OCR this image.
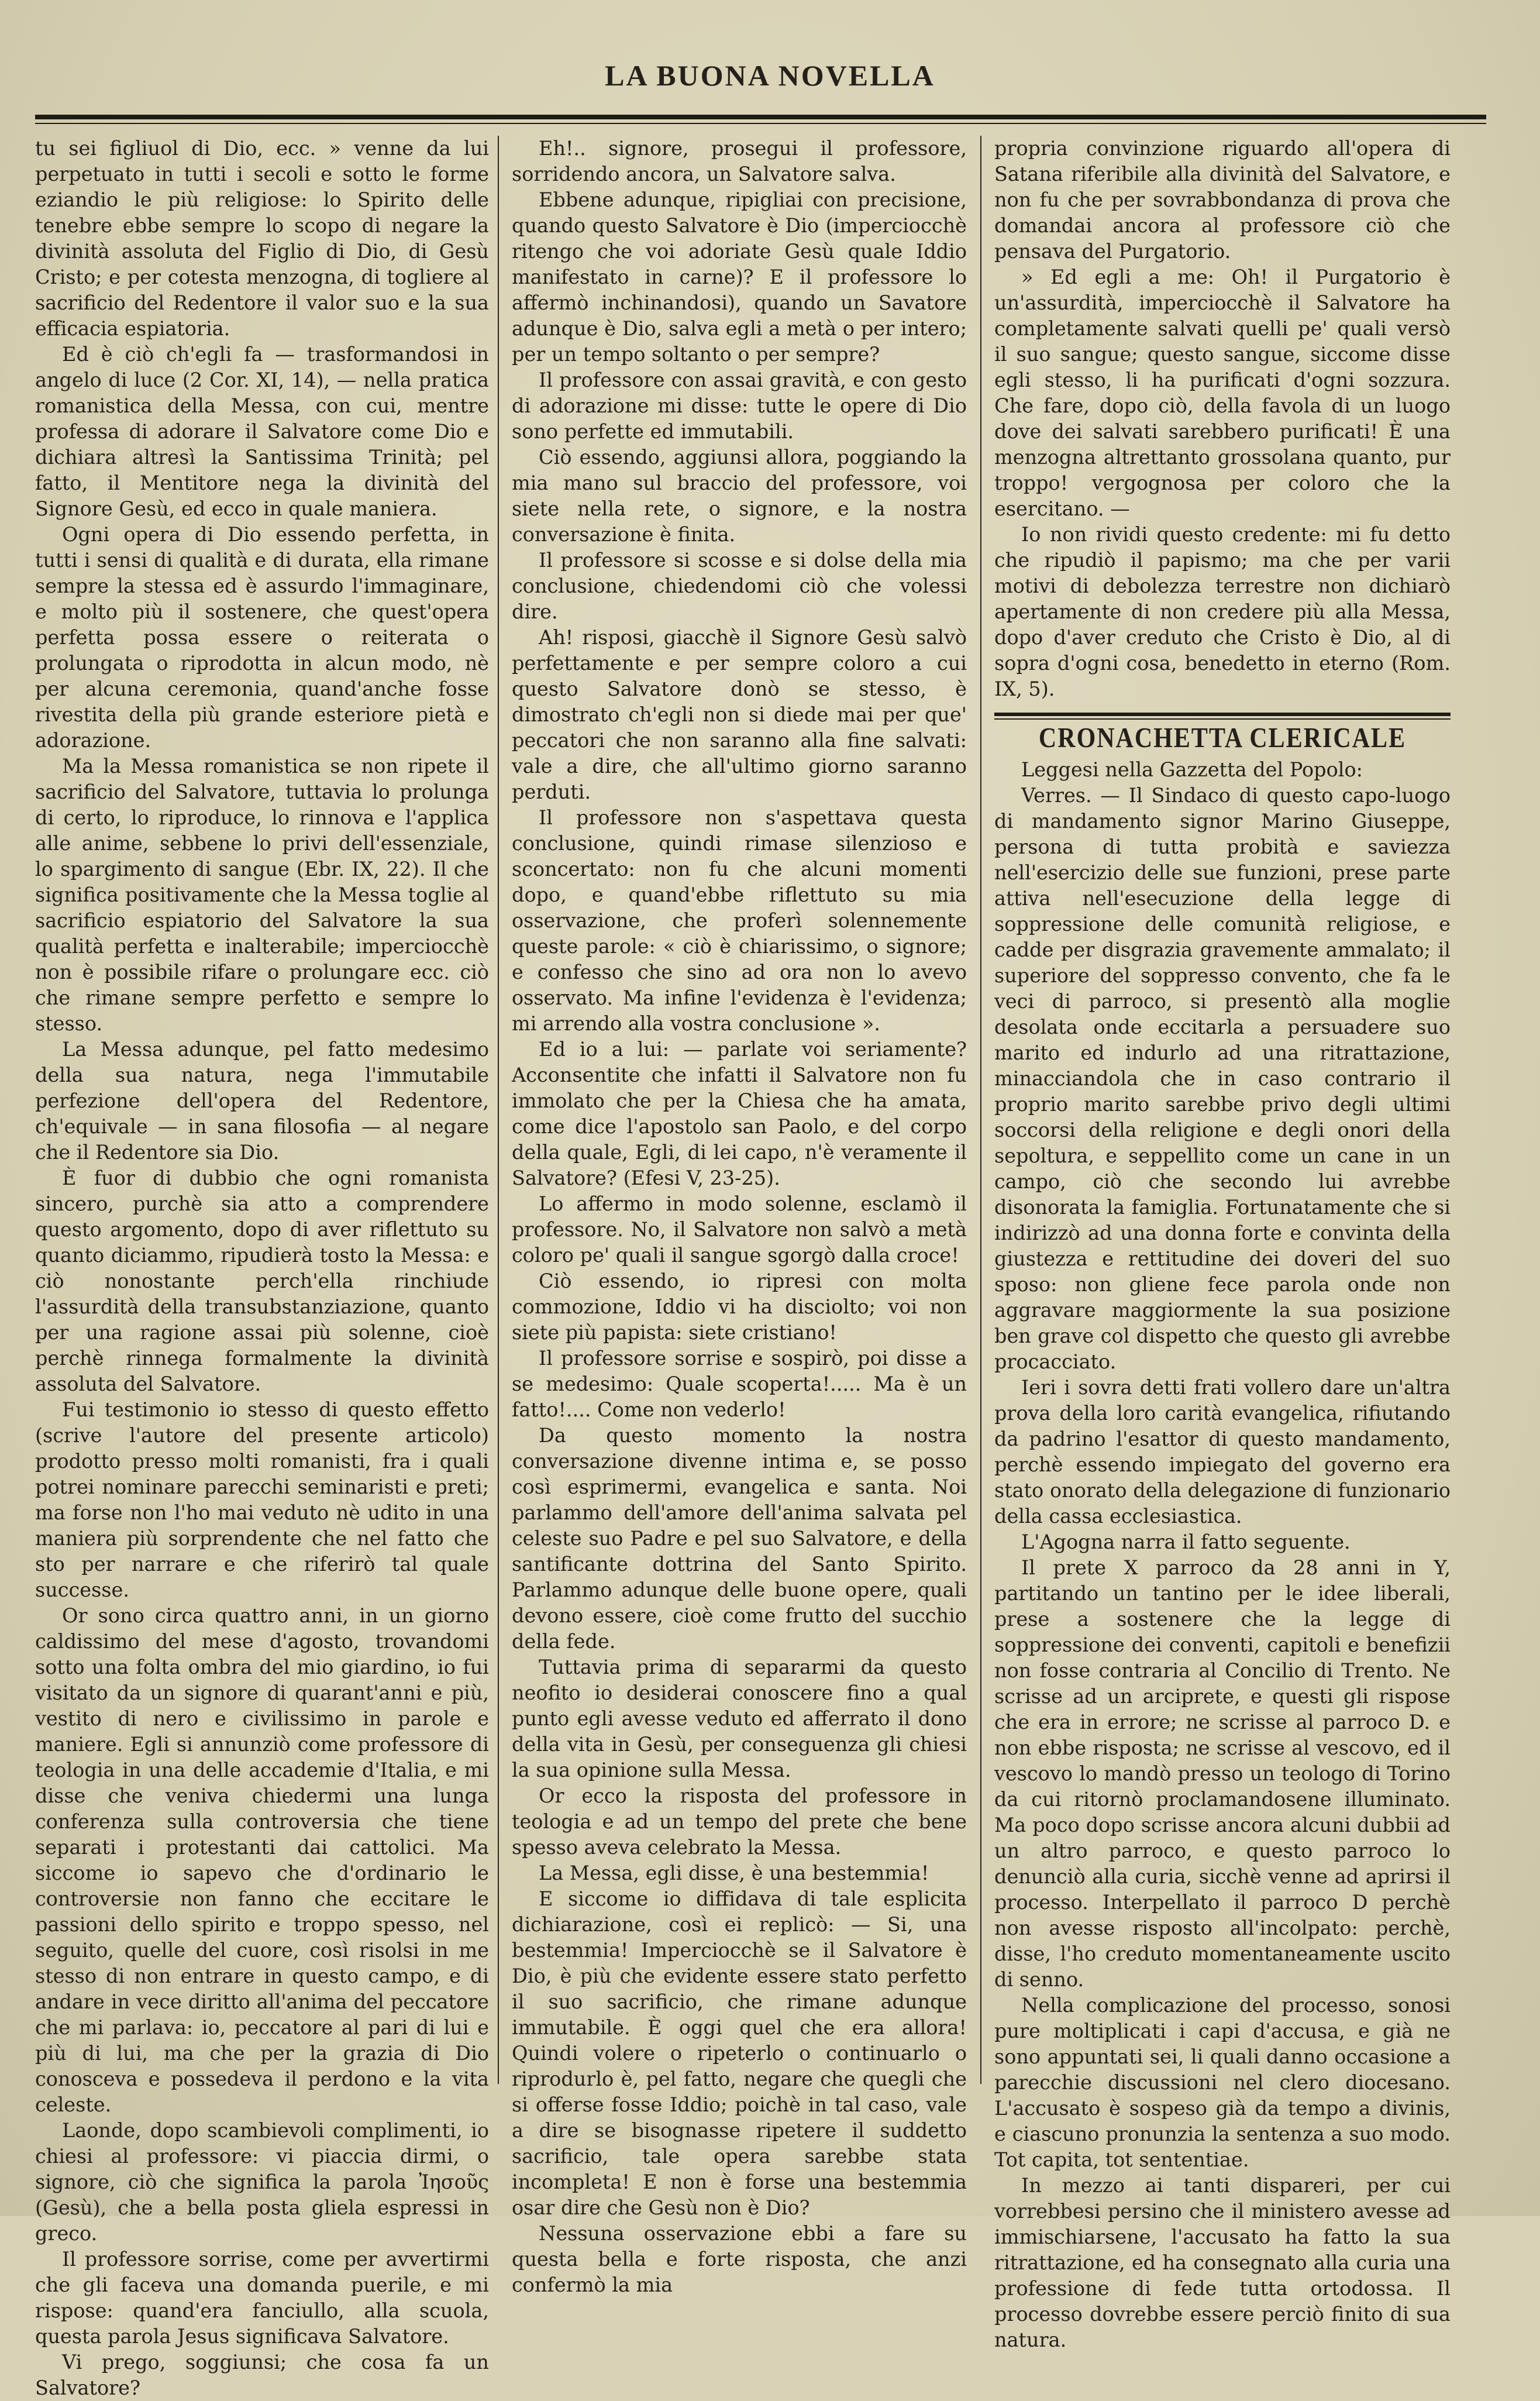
LA BUONA NOVELLA

tu sei figliuol di Dio, ecc. » venne da lui perpetuato in tutti i secoli e sotto le forme eziandio le più religiose: lo Spirito delle tenebre ebbe sempre lo scopo di negare la divinità assoluta del Figlio di Dio, di Gesù Cristo; e per cotesta menzogna, di togliere al sacrificio del Redentore il valor suo e la sua efficacia espiatoria.

Ed è ciò ch'egli fa — trasformandosi in angelo di luce (2 Cor. XI, 14), — nella pratica romanistica della Messa, con cui, mentre professa di adorare il Salvatore come Dio e dichiara altresì la Santissima Trinità; pel fatto, il Mentitore nega la divinità del Signore Gesù, ed ecco in quale maniera.

Ogni opera di Dio essendo perfetta, in tutti i sensi di qualità e di durata, ella rimane sempre la stessa ed è assurdo l'immaginare, e molto più il sostenere, che quest'opera perfetta possa essere o reiterata o prolungata o riprodotta in alcun modo, nè per alcuna ceremonia, quand'anche fosse rivestita della più grande esteriore pietà e adorazione.

Ma la Messa romanistica se non ripete il sacrificio del Salvatore, tuttavia lo prolunga di certo, lo riproduce, lo rinnova e l'applica alle anime, sebbene lo privi dell'essenziale, lo spargimento di sangue (Ebr. IX, 22). Il che significa positivamente che la Messa toglie al sacrificio espiatorio del Salvatore la sua qualità perfetta e inalterabile; imperciocchè non è possibile rifare o prolungare ecc. ciò che rimane sempre perfetto e sempre lo stesso.

La Messa adunque, pel fatto medesimo della sua natura, nega l'immutabile perfezione dell'opera del Redentore, ch'equivale — in sana filosofia — al negare che il Redentore sia Dio.

È fuor di dubbio che ogni romanista sincero, purchè sia atto a comprendere questo argomento, dopo di aver riflettuto su quanto diciammo, ripudierà tosto la Messa: e ciò nonostante perch'ella rinchiude l'assurdità della transubstanziazione, quanto per una ragione assai più solenne, cioè perchè rinnega formalmente la divinità assoluta del Salvatore.

Fui testimonio io stesso di questo effetto (scrive l'autore del presente articolo) prodotto presso molti romanisti, fra i quali potrei nominare parecchi seminaristi e preti; ma forse non l'ho mai veduto nè udito in una maniera più sorprendente che nel fatto che sto per narrare e che riferirò tal quale successe.

Or sono circa quattro anni, in un giorno caldissimo del mese d'agosto, trovandomi sotto una folta ombra del mio giardino, io fui visitato da un signore di quarant'anni e più, vestito di nero e civilissimo in parole e maniere. Egli si annunziò come professore di teologia in una delle accademie d'Italia, e mi disse che veniva chiedermi una lunga conferenza sulla controversia che tiene separati i protestanti dai cattolici. Ma siccome io sapevo che d'ordinario le controversie non fanno che eccitare le passioni dello spirito e troppo spesso, nel seguito, quelle del cuore, così risolsi in me stesso di non entrare in questo campo, e di andare in vece diritto all'anima del peccatore che mi parlava: io, peccatore al pari di lui e più di lui, ma che per la grazia di Dio conosceva e possedeva il perdono e la vita celeste.

Laonde, dopo scambievoli complimenti, io chiesi al professore: vi piaccia dirmi, o signore, ciò che significa la parola Ἰησοῦς (Gesù), che a bella posta gliela espressi in greco.

Il professore sorrise, come per avvertirmi che gli faceva una domanda puerile, e mi rispose: quand'era fanciullo, alla scuola, questa parola Jesus significava Salvatore.

Vi prego, soggiunsi; che cosa fa un Salvatore?

Eh!.. signore, prosegui il professore, sorridendo ancora, un Salvatore salva.

Ebbene adunque, ripigliai con precisione, quando questo Salvatore è Dio (imperciocchè ritengo che voi adoriate Gesù quale Iddio manifestato in carne)? E il professore lo affermò inchinandosi), quando un Savatore adunque è Dio, salva egli a metà o per intero; per un tempo soltanto o per sempre?

Il professore con assai gravità, e con gesto di adorazione mi disse: tutte le opere di Dio sono perfette ed immutabili.

Ciò essendo, aggiunsi allora, poggiando la mia mano sul braccio del professore, voi siete nella rete, o signore, e la nostra conversazione è finita.

Il professore si scosse e si dolse della mia conclusione, chiedendomi ciò che volessi dire.

Ah! risposi, giacchè il Signore Gesù salvò perfettamente e per sempre coloro a cui questo Salvatore donò se stesso, è dimostrato ch'egli non si diede mai per que' peccatori che non saranno alla fine salvati: vale a dire, che all'ultimo giorno saranno perduti.

Il professore non s'aspettava questa conclusione, quindi rimase silenzioso e sconcertato: non fu che alcuni momenti dopo, e quand'ebbe riflettuto su mia osservazione, che proferì solennemente queste parole: « ciò è chiarissimo, o signore; e confesso che sino ad ora non lo avevo osservato. Ma infine l'evidenza è l'evidenza; mi arrendo alla vostra conclusione ».

Ed io a lui: — parlate voi seriamente? Acconsentite che infatti il Salvatore non fu immolato che per la Chiesa che ha amata, come dice l'apostolo san Paolo, e del corpo della quale, Egli, di lei capo, n'è veramente il Salvatore? (Efesi V, 23-25).

Lo affermo in modo solenne, esclamò il professore. No, il Salvatore non salvò a metà coloro pe' quali il sangue sgorgò dalla croce!

Ciò essendo, io ripresi con molta commozione, Iddio vi ha disciolto; voi non siete più papista: siete cristiano!

Il professore sorrise e sospirò, poi disse a se medesimo: Quale scoperta!..... Ma è un fatto!.... Come non vederlo!

Da questo momento la nostra conversazione divenne intima e, se posso così esprimermi, evangelica e santa. Noi parlammo dell'amore dell'anima salvata pel celeste suo Padre e pel suo Salvatore, e della santificante dottrina del Santo Spirito. Parlammo adunque delle buone opere, quali devono essere, cioè come frutto del succhio della fede.

Tuttavia prima di separarmi da questo neofito io desiderai conoscere fino a qual punto egli avesse veduto ed afferrato il dono della vita in Gesù, per conseguenza gli chiesi la sua opinione sulla Messa.

Or ecco la risposta del professore in teologia e ad un tempo del prete che bene spesso aveva celebrato la Messa.

La Messa, egli disse, è una bestemmia!

E siccome io diffidava di tale esplicita dichiarazione, così ei replicò: — Si, una bestemmia! Imperciocchè se il Salvatore è Dio, è più che evidente essere stato perfetto il suo sacrificio, che rimane adunque immutabile. È oggi quel che era allora! Quindi volere o ripeterlo o continuarlo o riprodurlo è, pel fatto, negare che quegli che si offerse fosse Iddio; poichè in tal caso, vale a dire se bisognasse ripetere il suddetto sacrificio, tale opera sarebbe stata incompleta! E non è forse una bestemmia osar dire che Gesù non è Dio?

Nessuna osservazione ebbi a fare su questa bella e forte risposta, che anzi confermò la mia

propria convinzione riguardo all'opera di Satana riferibile alla divinità del Salvatore, e non fu che per sovrabbondanza di prova che domandai ancora al professore ciò che pensava del Purgatorio.

» Ed egli a me: Oh! il Purgatorio è un'assurdità, imperciocchè il Salvatore ha completamente salvati quelli pe' quali versò il suo sangue; questo sangue, siccome disse egli stesso, li ha purificati d'ogni sozzura. Che fare, dopo ciò, della favola di un luogo dove dei salvati sarebbero purificati! È una menzogna altrettanto grossolana quanto, pur troppo! vergognosa per coloro che la esercitano. —

Io non rividi questo credente: mi fu detto che ripudiò il papismo; ma che per varii motivi di debolezza terrestre non dichiarò apertamente di non credere più alla Messa, dopo d'aver creduto che Cristo è Dio, al di sopra d'ogni cosa, benedetto in eterno (Rom. IX, 5).

CRONACHETTA CLERICALE

Leggesi nella Gazzetta del Popolo:

Verres. — Il Sindaco di questo capo-luogo di mandamento signor Marino Giuseppe, persona di tutta probità e saviezza nell'esercizio delle sue funzioni, prese parte attiva nell'esecuzione della legge di soppressione delle comunità religiose, e cadde per disgrazia gravemente ammalato; il superiore del soppresso convento, che fa le veci di parroco, si presentò alla moglie desolata onde eccitarla a persuadere suo marito ed indurlo ad una ritrattazione, minacciandola che in caso contrario il proprio marito sarebbe privo degli ultimi soccorsi della religione e degli onori della sepoltura, e seppellito come un cane in un campo, ciò che secondo lui avrebbe disonorata la famiglia. Fortunatamente che si indirizzò ad una donna forte e convinta della giustezza e rettitudine dei doveri del suo sposo: non gliene fece parola onde non aggravare maggiormente la sua posizione ben grave col dispetto che questo gli avrebbe procacciato.

Ieri i sovra detti frati vollero dare un'altra prova della loro carità evangelica, rifiutando da padrino l'esattor di questo mandamento, perchè essendo impiegato del governo era stato onorato della delegazione di funzionario della cassa ecclesiastica.

L'Agogna narra il fatto seguente.

Il prete X parroco da 28 anni in Y, partitando un tantino per le idee liberali, prese a sostenere che la legge di soppressione dei conventi, capitoli e benefizii non fosse contraria al Concilio di Trento. Ne scrisse ad un arciprete, e questi gli rispose che era in errore; ne scrisse al parroco D. e non ebbe risposta; ne scrisse al vescovo, ed il vescovo lo mandò presso un teologo di Torino da cui ritornò proclamandosene illuminato. Ma poco dopo scrisse ancora alcuni dubbii ad un altro parroco, e questo parroco lo denunciò alla curia, sicchè venne ad aprirsi il processo. Interpellato il parroco D perchè non avesse risposto all'incolpato: perchè, disse, l'ho creduto momentaneamente uscito di senno.

Nella complicazione del processo, sonosi pure moltiplicati i capi d'accusa, e già ne sono appuntati sei, li quali danno occasione a parecchie discussioni nel clero diocesano. L'accusato è sospeso già da tempo a divinis, e ciascuno pronunzia la sentenza a suo modo. Tot capita, tot sententiae.

In mezzo ai tanti dispareri, per cui vorrebbesi persino che il ministero avesse ad immischiarsene, l'accusato ha fatto la sua ritrattazione, ed ha consegnato alla curia una professione di fede tutta ortodossa. Il processo dovrebbe essere perciò finito di sua natura.
